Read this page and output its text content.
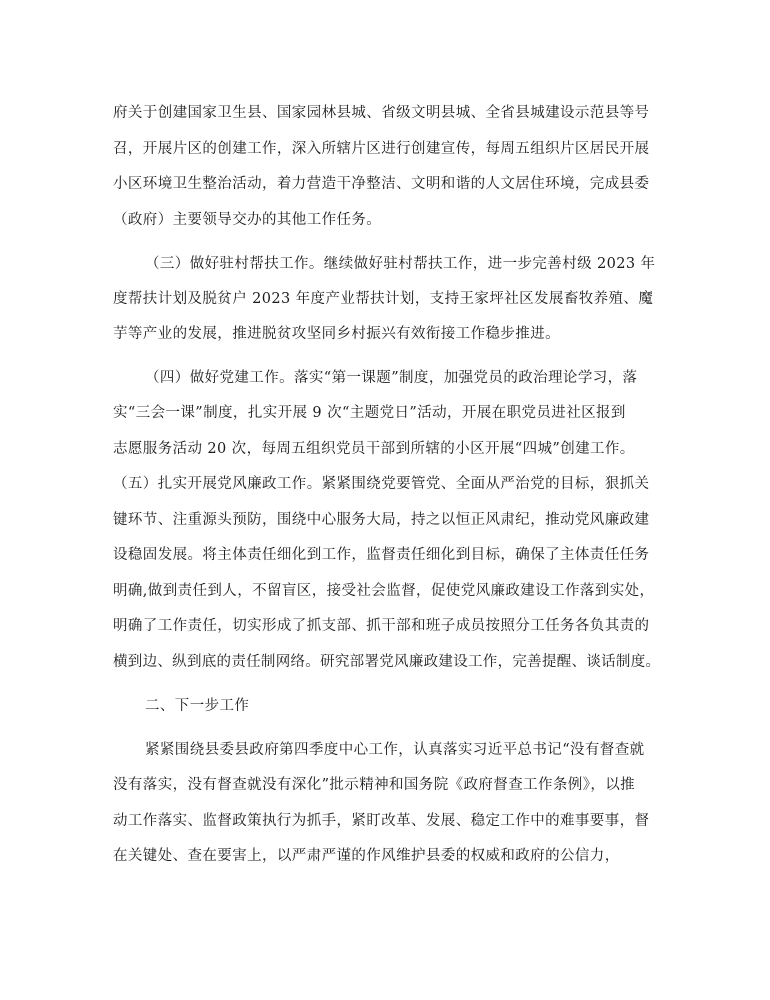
府关于创建国家卫生县、国家园林县城、省级文明县城、全省县城建设示范县等号
召，开展片区的创建工作，深入所辖片区进行创建宣传，每周五组织片区居民开展
小区环境卫生整治活动，着力营造干净整洁、文明和谐的人文居住环境，完成县委
（政府）主要领导交办的其他工作任务。
（三）做好驻村帮扶工作。继续做好驻村帮扶工作，进一步完善村级 2023 年
度帮扶计划及脱贫户 2023 年度产业帮扶计划，支持王家坪社区发展畜牧养殖、魔
芋等产业的发展，推进脱贫攻坚同乡村振兴有效衔接工作稳步推进。
（四）做好党建工作。落实“第一课题”制度，加强党员的政治理论学习，落
实“三会一课”制度，扎实开展 9 次“主题党日”活动，开展在职党员进社区报到
志愿服务活动 20 次，每周五组织党员干部到所辖的小区开展“四城”创建工作。
（五）扎实开展党风廉政工作。紧紧围绕党要管党、全面从严治党的目标，狠抓关
键环节、注重源头预防，围绕中心服务大局，持之以恒正风肃纪，推动党风廉政建
设稳固发展。将主体责任细化到工作，监督责任细化到目标，确保了主体责任任务
明确,做到责任到人，不留盲区，接受社会监督，促使党风廉政建设工作落到实处，
明确了工作责任，切实形成了抓支部、抓干部和班子成员按照分工任务各负其责的
横到边、纵到底的责任制网络。研究部署党风廉政建设工作，完善提醒、谈话制度。
二、下一步工作
紧紧围绕县委县政府第四季度中心工作，认真落实习近平总书记“没有督查就
没有落实，没有督查就没有深化”批示精神和国务院《政府督查工作条例》，以推
动工作落实、监督政策执行为抓手，紧盯改革、发展、稳定工作中的难事要事，督
在关键处、查在要害上，以严肃严谨的作风维护县委的权威和政府的公信力，
